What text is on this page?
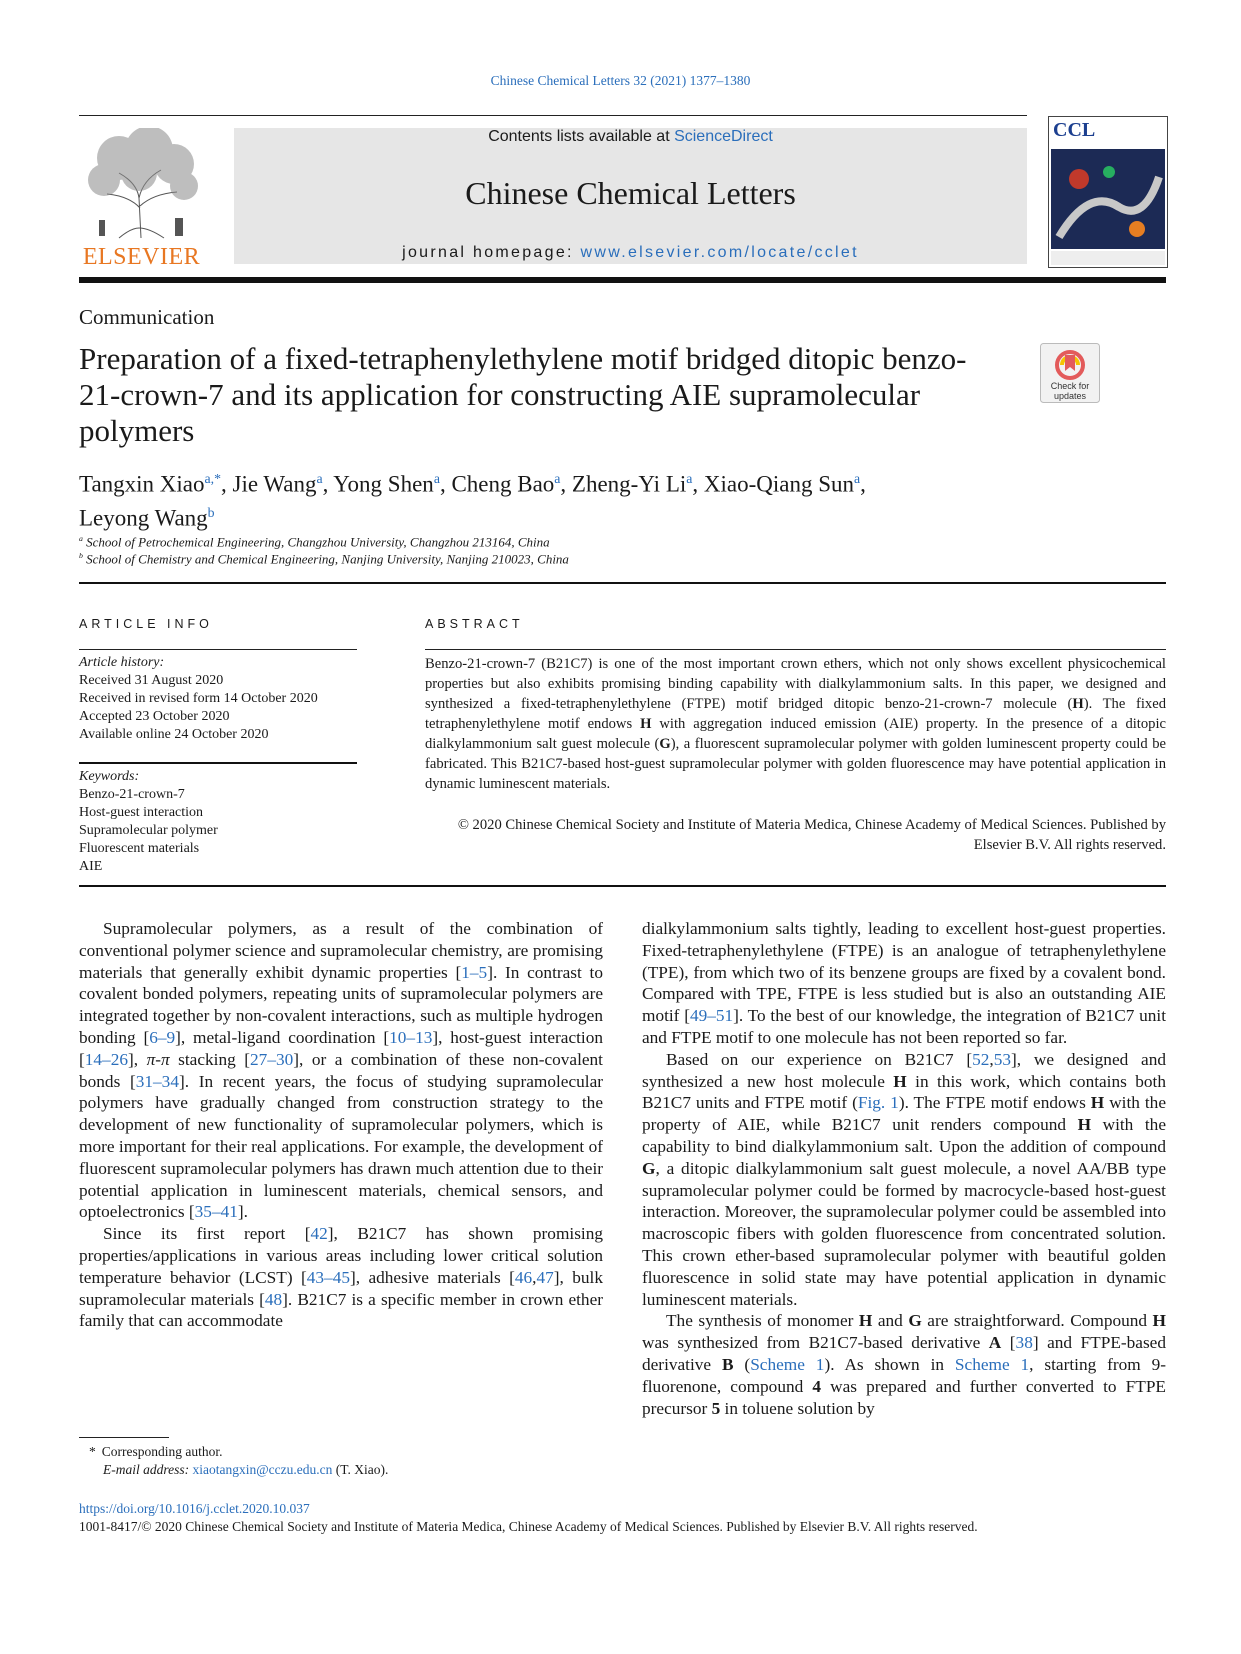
Chinese Chemical Letters 32 (2021) 1377–1380
ELSEVIER
Contents lists available at ScienceDirect
Chinese Chemical Letters
journal homepage: www.elsevier.com/locate/cclet
CCL
Communication
Preparation of a fixed-tetraphenylethylene motif bridged ditopic benzo-21-crown-7 and its application for constructing AIE supramolecular polymers
Check for updates
Tangxin Xiao$^{a,*}$, Jie Wang$^a$, Yong Shen$^a$, Cheng Bao$^a$, Zheng-Yi Li$^a$, Xiao-Qiang Sun$^a$,
Leyong Wang$^b$
$^a$ School of Petrochemical Engineering, Changzhou University, Changzhou 213164, China
$^b$ School of Chemistry and Chemical Engineering, Nanjing University, Nanjing 210023, China
ARTICLE INFO	ABSTRACT
Article history:
Received 31 August 2020
Received in revised form 14 October 2020
Accepted 23 October 2020
Available online 24 October 2020
Keywords:
Benzo-21-crown-7
Host-guest interaction
Supramolecular polymer
Fluorescent materials
AIE
Benzo-21-crown-7 (B21C7) is one of the most important crown ethers, which not only shows excellent physicochemical properties but also exhibits promising binding capability with dialkylammonium salts. In this paper, we designed and synthesized a fixed-tetraphenylethylene (FTPE) motif bridged ditopic benzo-21-crown-7 molecule (H). The fixed tetraphenylethylene motif endows H with aggregation induced emission (AIE) property. In the presence of a ditopic dialkylammonium salt guest molecule (G), a fluorescent supramolecular polymer with golden luminescent property could be fabricated. This B21C7-based host-guest supramolecular polymer with golden fluorescence may have potential application in dynamic luminescent materials.
© 2020 Chinese Chemical Society and Institute of Materia Medica, Chinese Academy of Medical Sciences. Published by Elsevier B.V. All rights reserved.

Supramolecular polymers, as a result of the combination of conventional polymer science and supramolecular chemistry, are promising materials that generally exhibit dynamic properties [1–5]. In contrast to covalent bonded polymers, repeating units of supramolecular polymers are integrated together by non-covalent interactions, such as multiple hydrogen bonding [6–9], metal-ligand coordination [10–13], host-guest interaction [14–26], π-π stacking [27–30], or a combination of these non-covalent bonds [31–34]. In recent years, the focus of studying supramolecular polymers have gradually changed from construction strategy to the development of new functionality of supramolecular polymers, which is more important for their real applications. For example, the development of fluorescent supramolecular polymers has drawn much attention due to their potential application in luminescent materials, chemical sensors, and optoelectronics [35–41].

Since its first report [42], B21C7 has shown promising properties/applications in various areas including lower critical solution temperature behavior (LCST) [43–45], adhesive materials [46,47], bulk supramolecular materials [48]. B21C7 is a specific member in crown ether family that can accommodate

dialkylammonium salts tightly, leading to excellent host-guest properties. Fixed-tetraphenylethylene (FTPE) is an analogue of tetraphenylethylene (TPE), from which two of its benzene groups are fixed by a covalent bond. Compared with TPE, FTPE is less studied but is also an outstanding AIE motif [49–51]. To the best of our knowledge, the integration of B21C7 unit and FTPE motif to one molecule has not been reported so far.

Based on our experience on B21C7 [52,53], we designed and synthesized a new host molecule H in this work, which contains both B21C7 units and FTPE motif (Fig. 1). The FTPE motif endows H with the property of AIE, while B21C7 unit renders compound H with the capability to bind dialkylammonium salt. Upon the addition of compound G, a ditopic dialkylammonium salt guest molecule, a novel AA/BB type supramolecular polymer could be formed by macrocycle-based host-guest interaction. Moreover, the supramolecular polymer could be assembled into macroscopic fibers with golden fluorescence from concentrated solution. This crown ether-based supramolecular polymer with beautiful golden fluorescence in solid state may have potential application in dynamic luminescent materials.

The synthesis of monomer H and G are straightforward. Compound H was synthesized from B21C7-based derivative A [38] and FTPE-based derivative B (Scheme 1). As shown in Scheme 1, starting from 9-fluorenone, compound 4 was prepared and further converted to FTPE precursor 5 in toluene solution by

* Corresponding author.
E-mail address: xiaotangxin@cczu.edu.cn (T. Xiao).
https://doi.org/10.1016/j.cclet.2020.10.037
1001-8417/© 2020 Chinese Chemical Society and Institute of Materia Medica, Chinese Academy of Medical Sciences. Published by Elsevier B.V. All rights reserved.
